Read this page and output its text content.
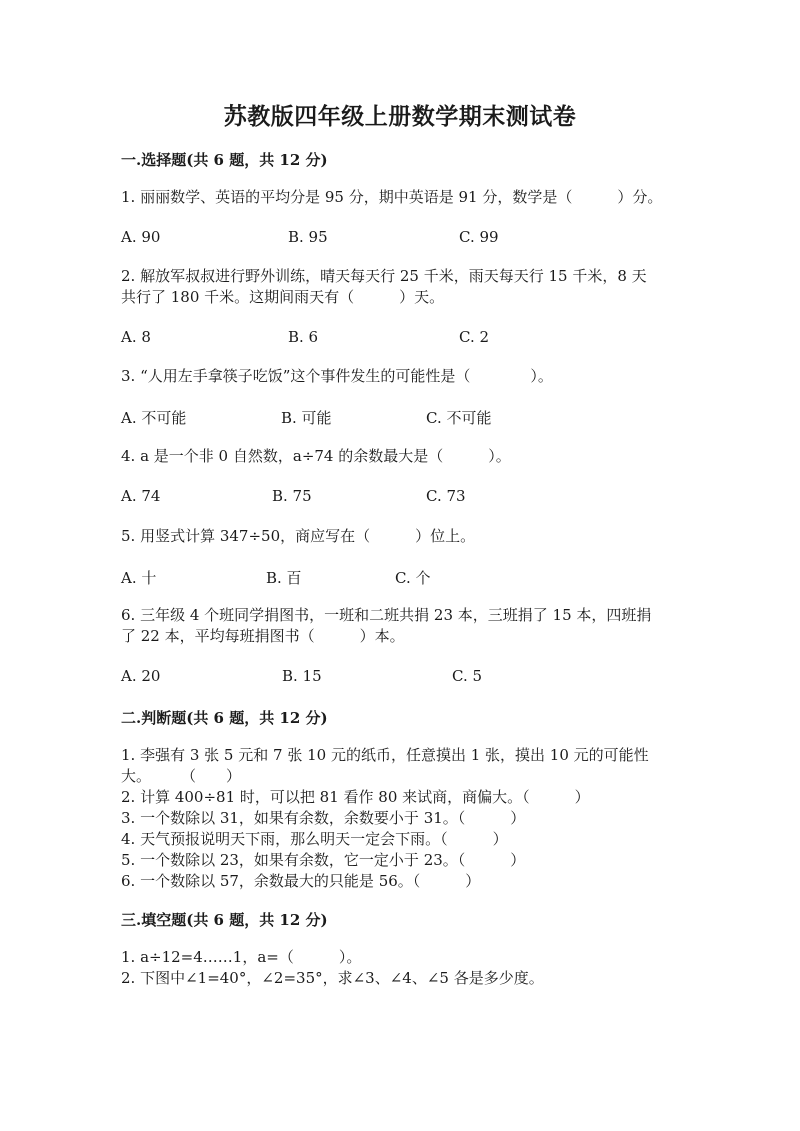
苏教版四年级上册数学期末测试卷
一.选择题(共 6 题，共 12 分)
1. 丽丽数学、英语的平均分是 95 分，期中英语是 91 分，数学是（　　　）分。
A. 90	B. 95	C. 99
2. 解放军叔叔进行野外训练，晴天每天行 25 千米，雨天每天行 15 千米，8 天
共行了 180 千米。这期间雨天有（　　　）天。
A. 8	B. 6	C. 2
3. “人用左手拿筷子吃饭”这个事件发生的可能性是（　　　　）。
A. 不可能	B. 可能	C. 不可能
4. a 是一个非 0 自然数，a÷74 的余数最大是（　　　）。
A. 74	B. 75	C. 73
5. 用竖式计算 347÷50，商应写在（　　　）位上。
A. 十	B. 百	C. 个
6. 三年级 4 个班同学捐图书，一班和二班共捐 23 本，三班捐了 15 本，四班捐
了 22 本，平均每班捐图书（　　　）本。
A. 20	B. 15	C. 5
二.判断题(共 6 题，共 12 分)
1. 李强有 3 张 5 元和 7 张 10 元的纸币，任意摸出 1 张，摸出 10 元的可能性
大。　　　（　　）
2. 计算 400÷81 时，可以把 81 看作 80 来试商，商偏大。（　　　）
3. 一个数除以 31，如果有余数，余数要小于 31。（　　　）
4. 天气预报说明天下雨，那么明天一定会下雨。（　　　）
5. 一个数除以 23，如果有余数，它一定小于 23。（　　　）
6. 一个数除以 57，余数最大的只能是 56。（　　　）
三.填空题(共 6 题，共 12 分)
1. a÷12=4……1，a=（　　　）。
2. 下图中∠1=40°，∠2=35°，求∠3、∠4、∠5 各是多少度。
